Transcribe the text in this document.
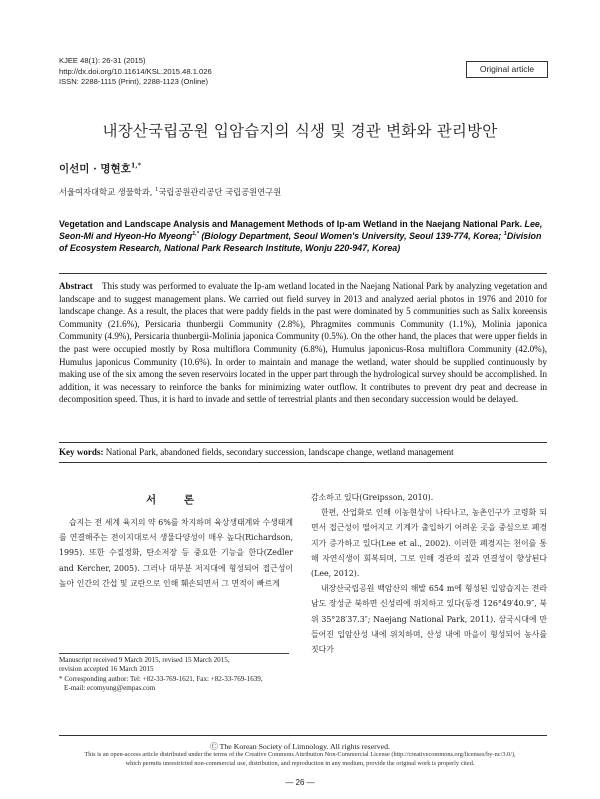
KJEE 48(1): 26-31 (2015)
http://dx.doi.org/10.11614/KSL.2015.48.1.026
ISSN: 2288-1115 (Print), 2288-1123 (Online)
Original article
내장산국립공원 입암습지의 식생 및 경관 변화와 관리방안
이선미 · 명현호$^{1,*}$
서울여자대학교 생물학과, $^1$국립공원관리공단 국립공원연구원
Vegetation and Landscape Analysis and Management Methods of Ip-am Wetland in the Naejang National Park. Lee, Seon-Mi and Hyeon-Ho Myeong$^{1,*}$ (Biology Department, Seoul Women's University, Seoul 139-774, Korea; $^1$Division of Ecosystem Research, National Park Research Institute, Wonju 220-947, Korea)
Abstract This study was performed to evaluate the Ip-am wetland located in the Naejang National Park by analyzing vegetation and landscape and to suggest management plans. We carried out field survey in 2013 and analyzed aerial photos in 1976 and 2010 for landscape change. As a result, the places that were paddy fields in the past were dominated by 5 communities such as Salix koreensis Community (21.6%), Persicaria thunbergii Community (2.8%), Phragmites communis Community (1.1%), Molinia japonica Community (4.9%), Persicaria thunbergii-Molinia japonica Community (0.5%). On the other hand, the places that were upper fields in the past were occupied mostly by Rosa multiflora Community (6.8%), Humulus japonicus-Rosa multiflora Community (42.0%), Humulus japonicus Community (10.6%). In order to maintain and manage the wetland, water should be supplied continuously by making use of the six among the seven reservoirs located in the upper part through the hydrological survey should be accomplished. In addition, it was necessary to reinforce the banks for minimizing water outflow. It contributes to prevent dry peat and decrease in decomposition speed. Thus, it is hard to invade and settle of terrestrial plants and then secondary succession would be delayed.
Key words: National Park, abandoned fields, secondary succession, landscape change, wetland management
서 론

습지는 전 세계 육지의 약 6%를 차지하며 육상생태계와 수생태계를 연결해주는 전이지대로서 생물다양성이 매우 높다(Richardson, 1995). 또한 수질정화, 탄소저장 등 중요한 기능을 한다(Zedler and Kercher, 2005). 그러나 대부분 저지대에 형성되어 접근성이 높아 인간의 간섭 및 교란으로 인해 훼손되면서 그 면적이 빠르게

감소하고 있다(Greipsson, 2010).

한편, 산업화로 인해 이농현상이 나타나고, 농촌인구가 고령화 되면서 접근성이 떨어지고 기계가 출입하기 어려운 곳을 중심으로 폐경지가 증가하고 있다(Lee et al., 2002). 이러한 폐경지는 천이를 통해 자연식생이 회복되며, 그로 인해 경관의 질과 연결성이 향상된다(Lee, 2012).

내장산국립공원 백암산의 해발 654 m에 형성된 입암습지는 전라남도 장성군 북하면 신성리에 위치하고 있다(동경 126°49′40.9″, 북위 35°28′37.3″; Naejang National Park, 2011). 삼국시대에 만들어진 입암산성 내에 위치하며, 산성 내에 마을이 형성되어 농사를 짓다가

Manuscript received 9 March 2015, revised 15 March 2015,
revision accepted 16 March 2015
* Corresponding author: Tel: +82-33-769-1621, Fax: +82-33-769-1639,
E-mail: ecomyung@empas.com
Ⓒ The Korean Society of Limnology. All rights reserved.
This is an open-access article distributed under the terms of the Creative Commons Attribution Non-Commercial License (http://creativecommons.org/licenses/by-nc/3.0/),
which permits unrestricted non-commercial use, distribution, and reproduction in any medium, provide the original work is properly cited.
— 26 —
